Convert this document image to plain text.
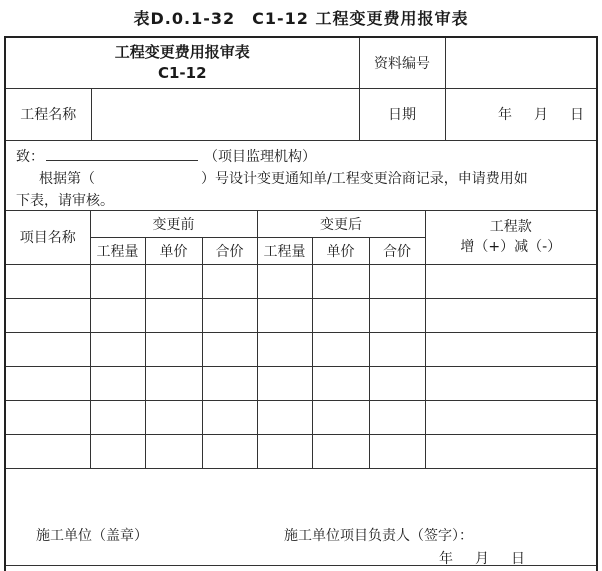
表D.0.1-32　C1-12 工程变更费用报审表
工程变更费用报审表
C1-12		资料编号	
工程名称		日期	年　月　日
致：	（项目监理机构）
根据第（	）号设计变更通知单/工程变更洽商记录，申请费用如
下表，请审核。
项目名称	变更前			变更后			工程款
增（+）减（-）

	工程量	单价	合价	工程量	单价	合价	

施工单位（盖章）	施工单位项目负责人（签字）：
年　月　日
